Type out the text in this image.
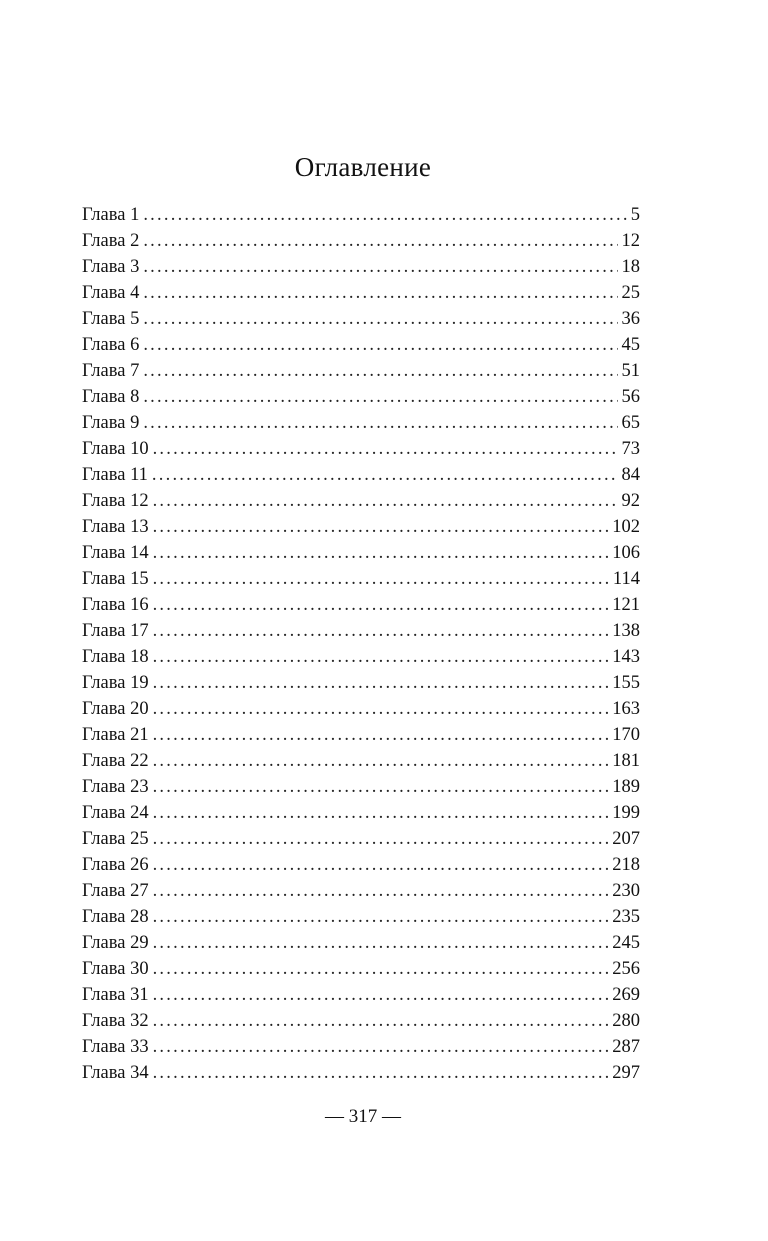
Оглавление
Глава 1 . . .	5
Глава 2 . . .	12
Глава 3 . . .	18
Глава 4 . . .	25
Глава 5 . . .	36
Глава 6 . . .	45
Глава 7 . . .	51
Глава 8 . . .	56
Глава 9 . . .	65
Глава 10 . . .	73
Глава 11 . . .	84
Глава 12 . . .	92
Глава 13 . . .	102
Глава 14 . . .	106
Глава 15 . . .	114
Глава 16 . . .	121
Глава 17 . . .	138
Глава 18 . . .	143
Глава 19 . . .	155
Глава 20 . . .	163
Глава 21 . . .	170
Глава 22 . . .	181
Глава 23 . . .	189
Глава 24 . . .	199
Глава 25 . . .	207
Глава 26 . . .	218
Глава 27 . . .	230
Глава 28 . . .	235
Глава 29 . . .	245
Глава 30 . . .	256
Глава 31 . . .	269
Глава 32 . . .	280
Глава 33 . . .	287
Глава 34 . . .	297
— 317 —
